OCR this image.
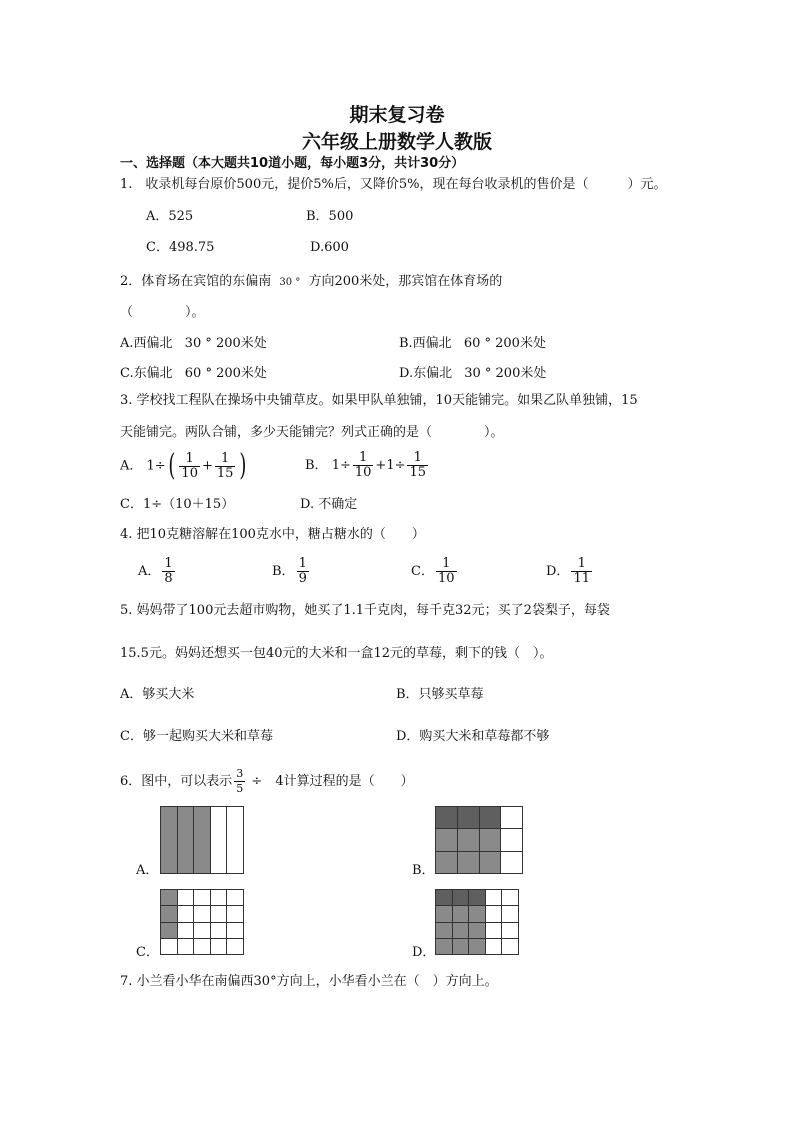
期末复习卷
六年级上册数学人教版
一、选择题（本大题共10道小题，每小题3分，共计30分）
1.　收录机每台原价500元，提价5%后，又降价5%，现在每台收录机的售价是（　　　）元。
A．525	B．500
C．498.75	D.600
2．体育场在宾馆的东偏南 30 ° 方向200米处，那宾馆在体育场的
（　　　　）。
A.西偏北 30 ° 200米处	B.西偏北 60 ° 200米处
C.东偏北 60 ° 200米处	D.东偏北 30 ° 200米处
3. 学校找工程队在操场中央铺草皮。如果甲队单独铺，10天能铺完。如果乙队单独铺，15
天能铺完。两队合铺，多少天能铺完？列式正确的是（　　　　）。
A． $1\div( \frac{1}{10} + \frac{1}{15}$ )	B． $1\div \frac{1}{10} +1\div \frac{1}{15}$
C．1÷（10＋15）	D. 不确定
4. 把10克糖溶解在100克水中，糖占糖水的（　　）
A． $\frac{1}{8}$	B． $\frac{1}{9}$	C． $\frac{1}{10}$	D． $\frac{1}{11}$
5. 妈妈带了100元去超市购物，她买了1.1千克肉，每千克32元；买了2袋梨子，每袋
15.5元。妈妈还想买一包40元的大米和一盒12元的草莓，剩下的钱（　）。
A．够买大米	B．只够买草莓
C．够一起购买大米和草莓	D．购买大米和草莓都不够
6．图中，可以表示 $\frac{3}{5}$ ÷　4计算过程的是（　　）

A．

				B．

C．

					D．
7. 小兰看小华在南偏西30°方向上，小华看小兰在（　）方向上。
